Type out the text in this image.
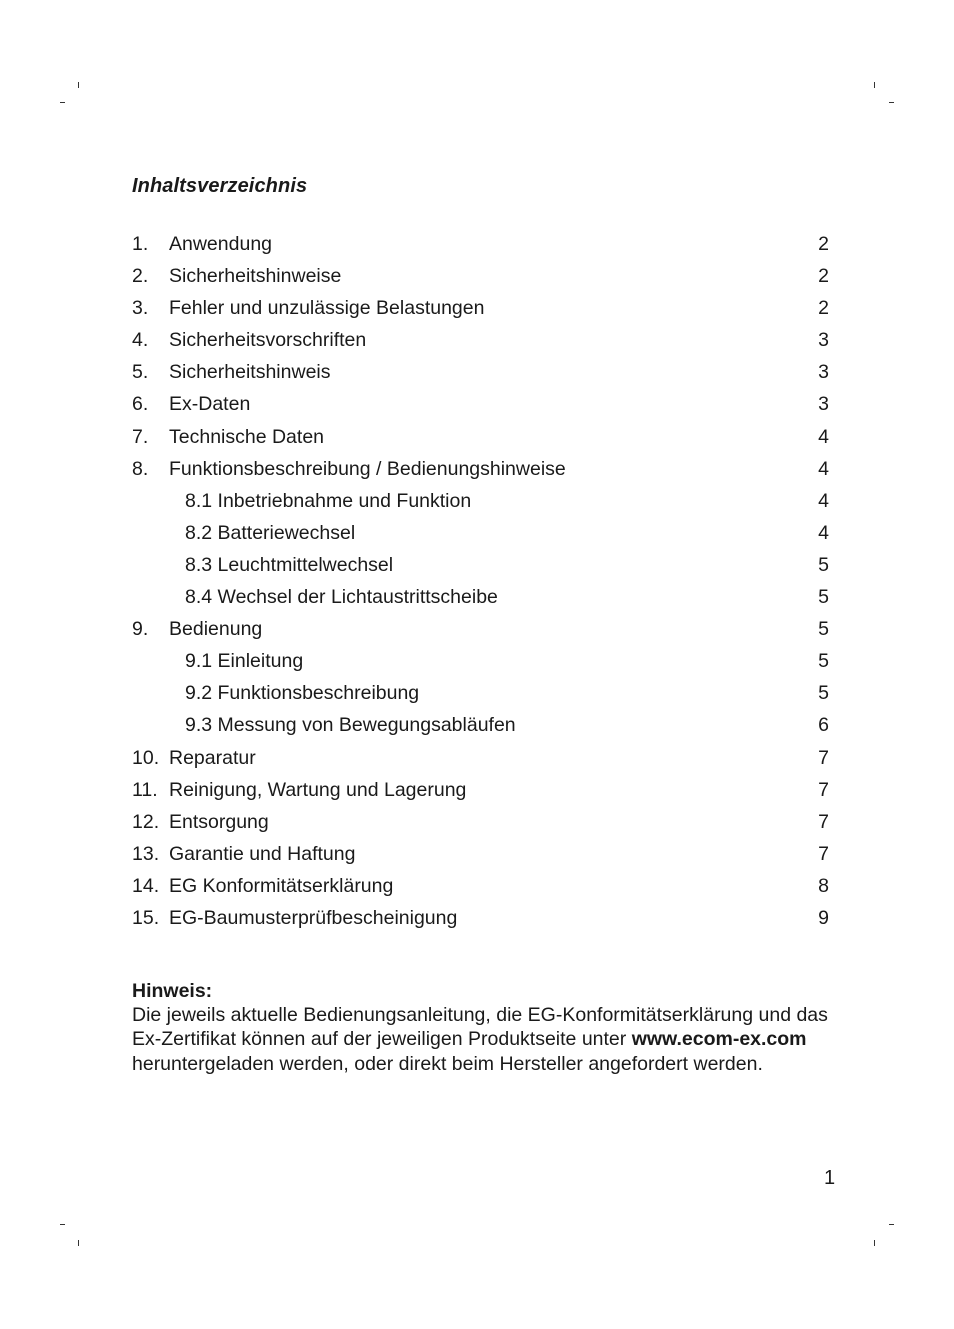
Inhaltsverzeichnis
1. Anwendung	2
2. Sicherheitshinweise	2
3. Fehler und unzulässige Belastungen	2
4. Sicherheitsvorschriften	3
5. Sicherheitshinweis	3
6. Ex-Daten	3
7. Technische Daten	4
8. Funktionsbeschreibung / Bedienungshinweise	4
8.1 Inbetriebnahme und Funktion	4
8.2 Batteriewechsel	4
8.3 Leuchtmittelwechsel	5
8.4 Wechsel der Lichtaustrittscheibe	5
9. Bedienung	5
9.1 Einleitung	5
9.2 Funktionsbeschreibung	5
9.3 Messung von Bewegungsabläufen	6
10. Reparatur	7
11. Reinigung, Wartung und Lagerung	7
12. Entsorgung	7
13. Garantie und Haftung	7
14. EG Konformitätserklärung	8
15. EG-Baumusterprüfbescheinigung	9
Hinweis:
Die jeweils aktuelle Bedienungsanleitung, die EG-Konformitätserklärung und das Ex-Zertifikat können auf der jeweiligen Produktseite unter www.ecom-ex.com heruntergeladen werden, oder direkt beim Hersteller angefordert werden.
1
